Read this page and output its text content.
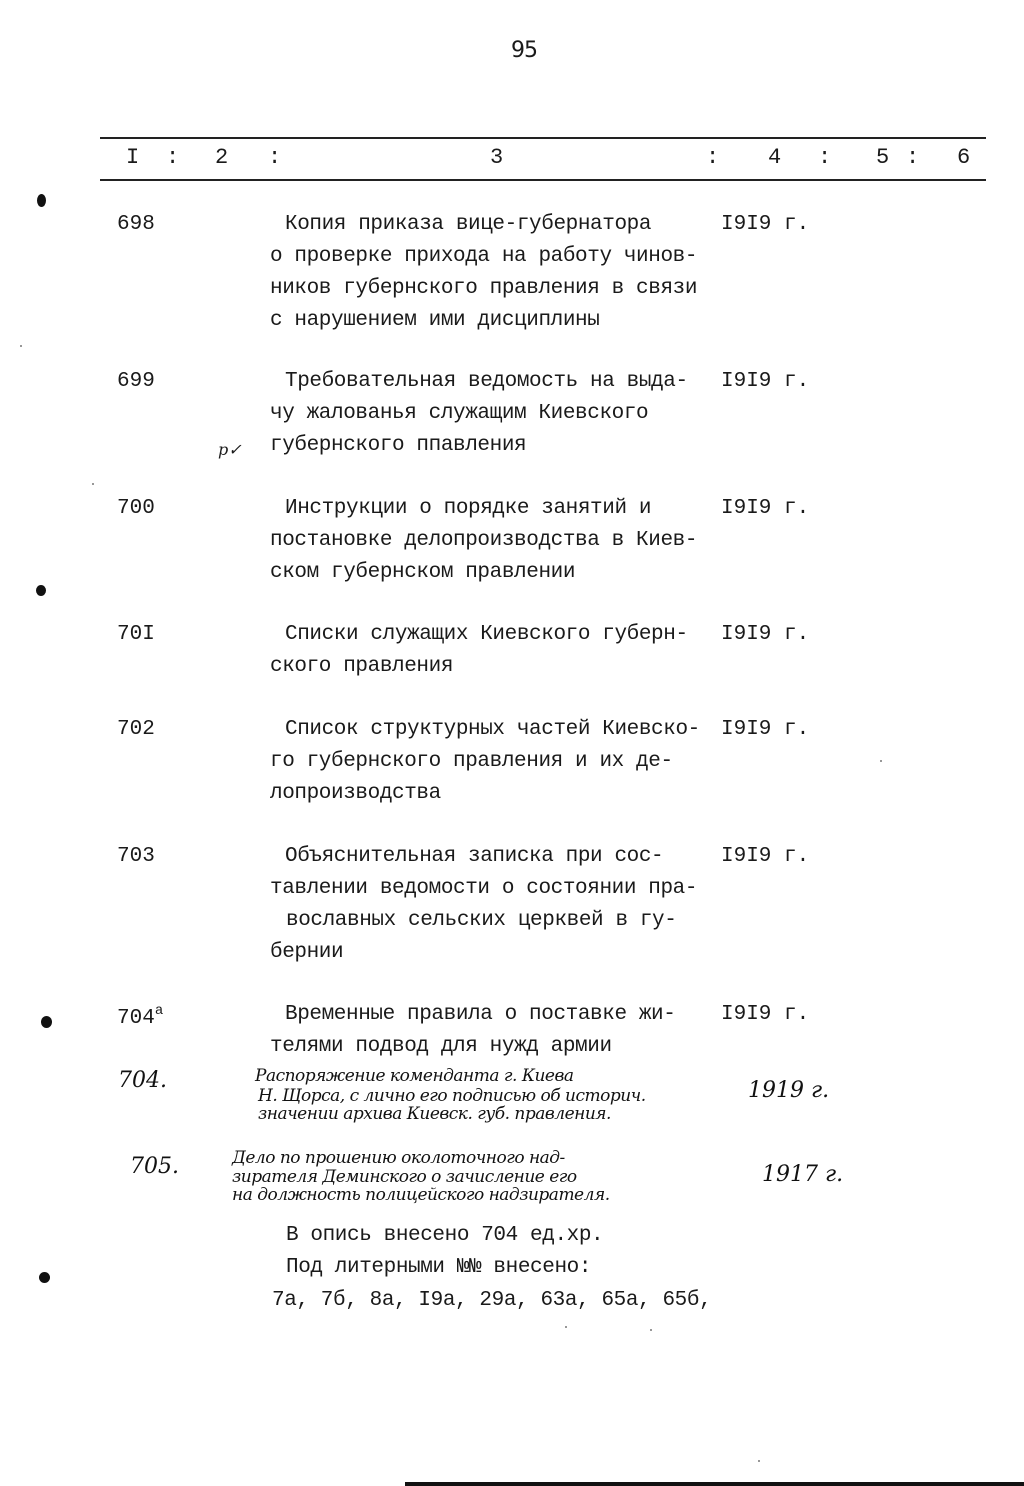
95
I : 2 :	3	: 4 : 5 : 6
698	Копия приказа вице-губернатора
о проверке прихода на работу чинов-
ников губернского правления в связи
с нарушением ими дисциплины
I9I9 г.
699	Требовательная ведомость на выда-
чу жалованья служащим Киевского
губернского ппавления
р✓
I9I9 г.
700	Инструкции о порядке занятий и
постановке делопроизводства в Киев-
ском губернском правлении
I9I9 г.
70I	Списки служащих Киевского губерн-
ского правления
I9I9 г.
702	Список структурных частей Киевско-
го губернского правления и их де-
лопроизводства
I9I9 г.
703	Объяснительная записка при сос-
тавлении ведомости о состоянии пра-
вославных сельских церквей в гу-
бернии
I9I9 г.
$704^а$	Временные правила о поставке жи-
телями подвод для нужд армии
I9I9 г.
704.	Распоряжение коменданта г. Киева
Н. Щорса, с лично его подписью об историч.
значении архива Киевск. губ. правления.
1919 г.
705.	Дело по прошению околоточного над-
зирателя Деминского о зачисление его
на должность полицейского надзирателя.
1917 г.
В опись внесено 704 ед.хр.
Под литерными №№ внесено:
7а, 7б, 8а, I9а, 29а, 63а, 65а, 65б,
